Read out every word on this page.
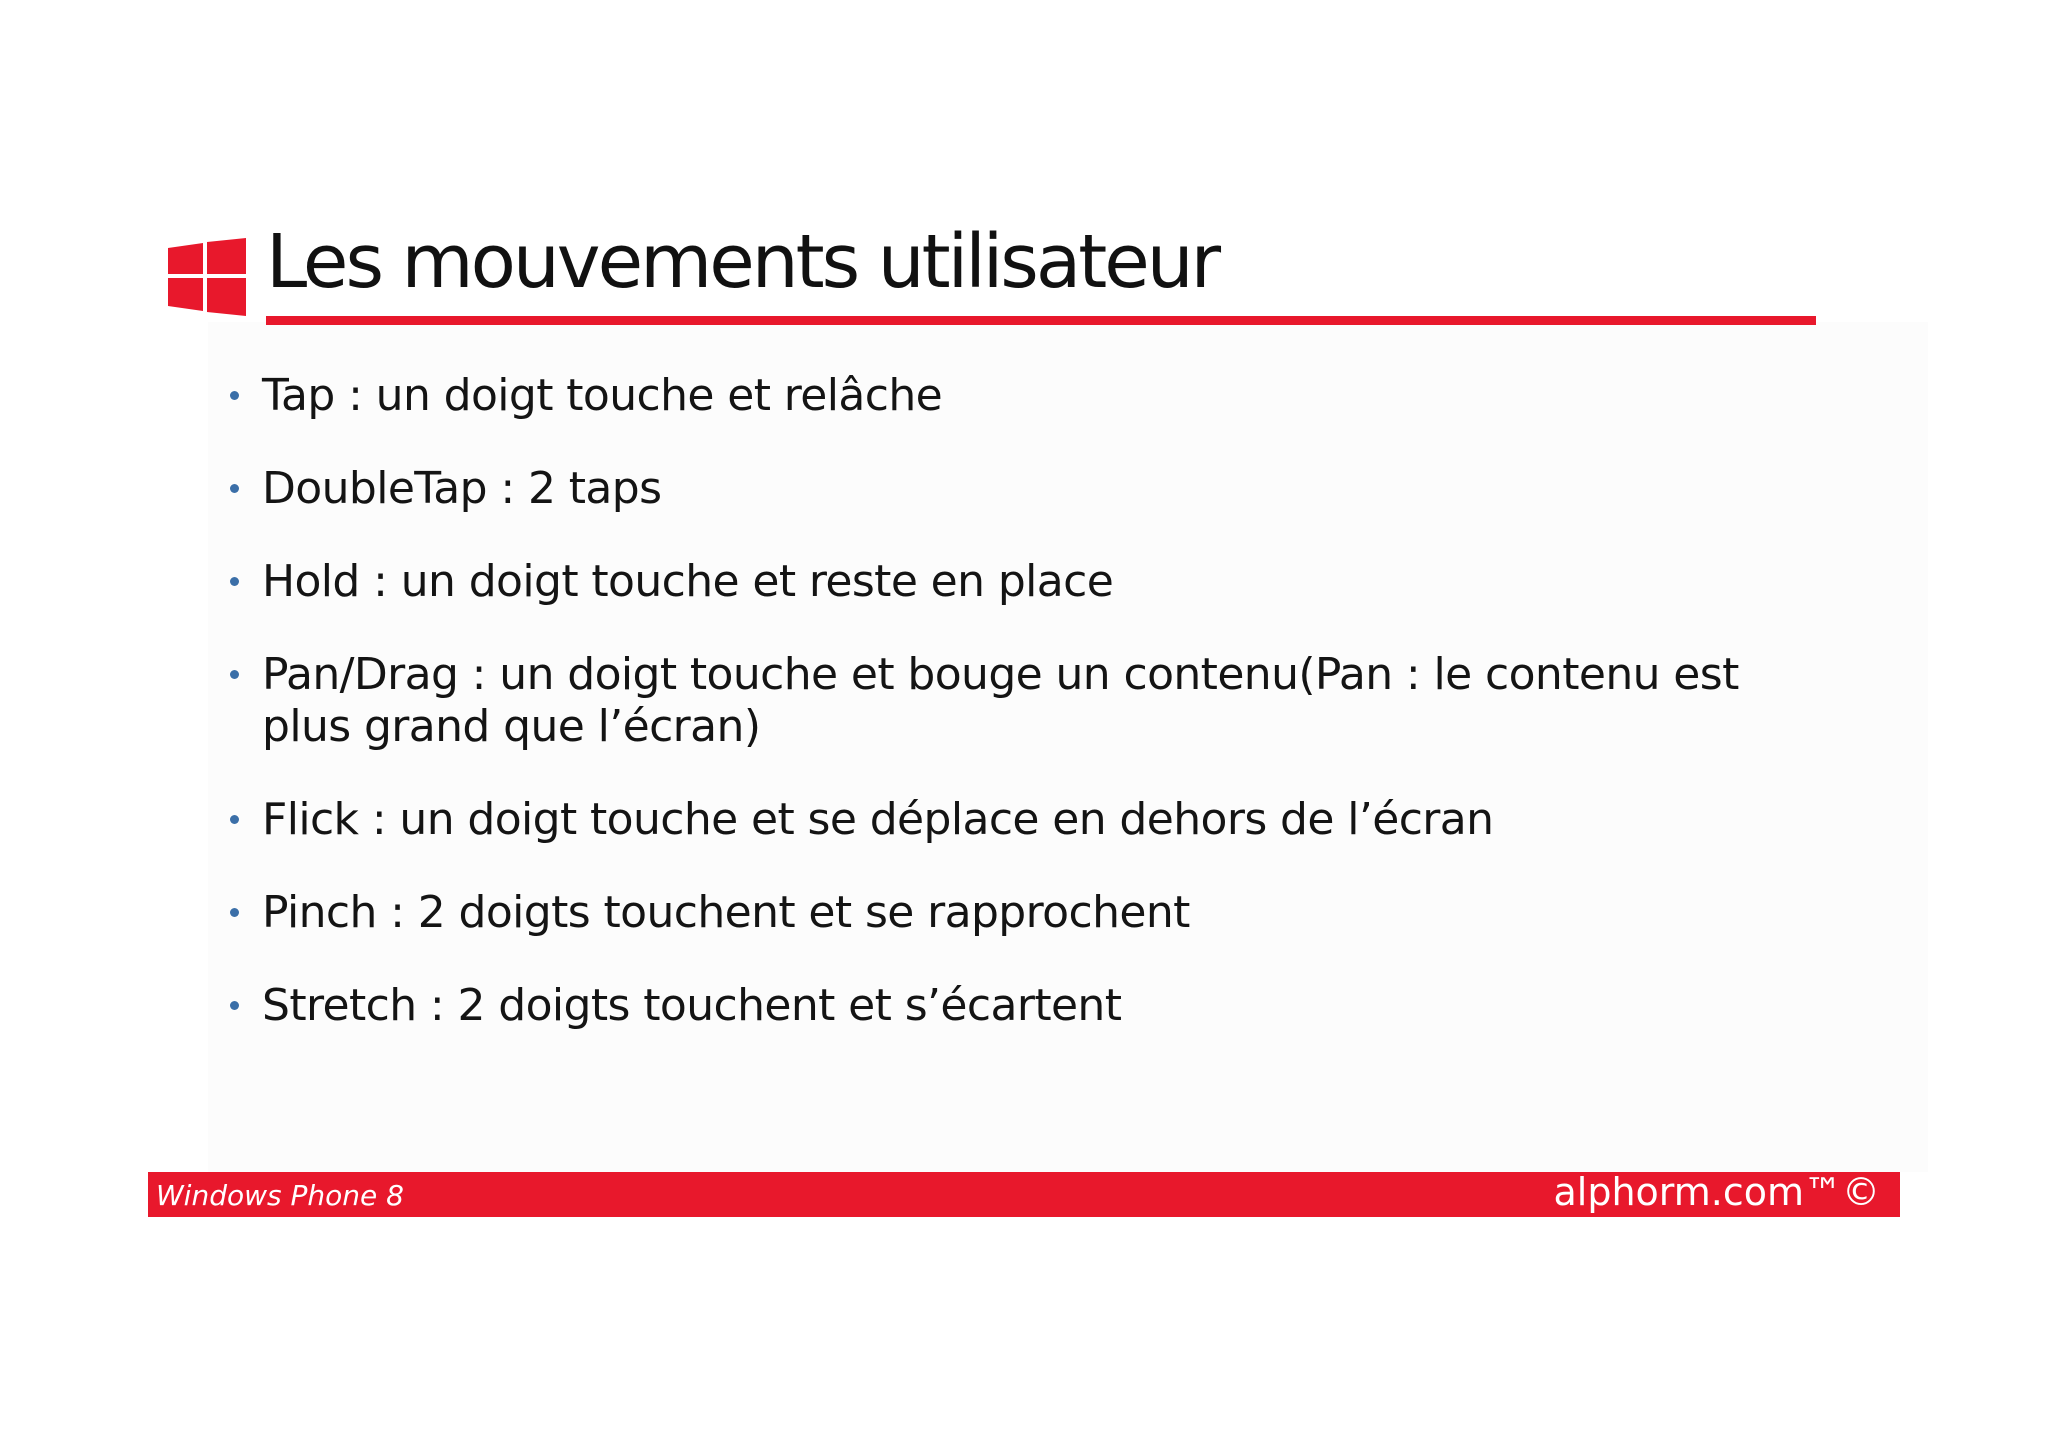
Les mouvements utilisateur
Tap : un doigt touche et relâche
DoubleTap : 2 taps
Hold : un doigt touche et reste en place
Pan/Drag : un doigt touche et bouge un contenu(Pan : le contenu est plus grand que l’écran)
Flick : un doigt touche et se déplace en dehors de l’écran
Pinch : 2 doigts touchent et se rapprochent
Stretch : 2 doigts touchent et s’écartent
Windows Phone 8	alphorm.com™©
